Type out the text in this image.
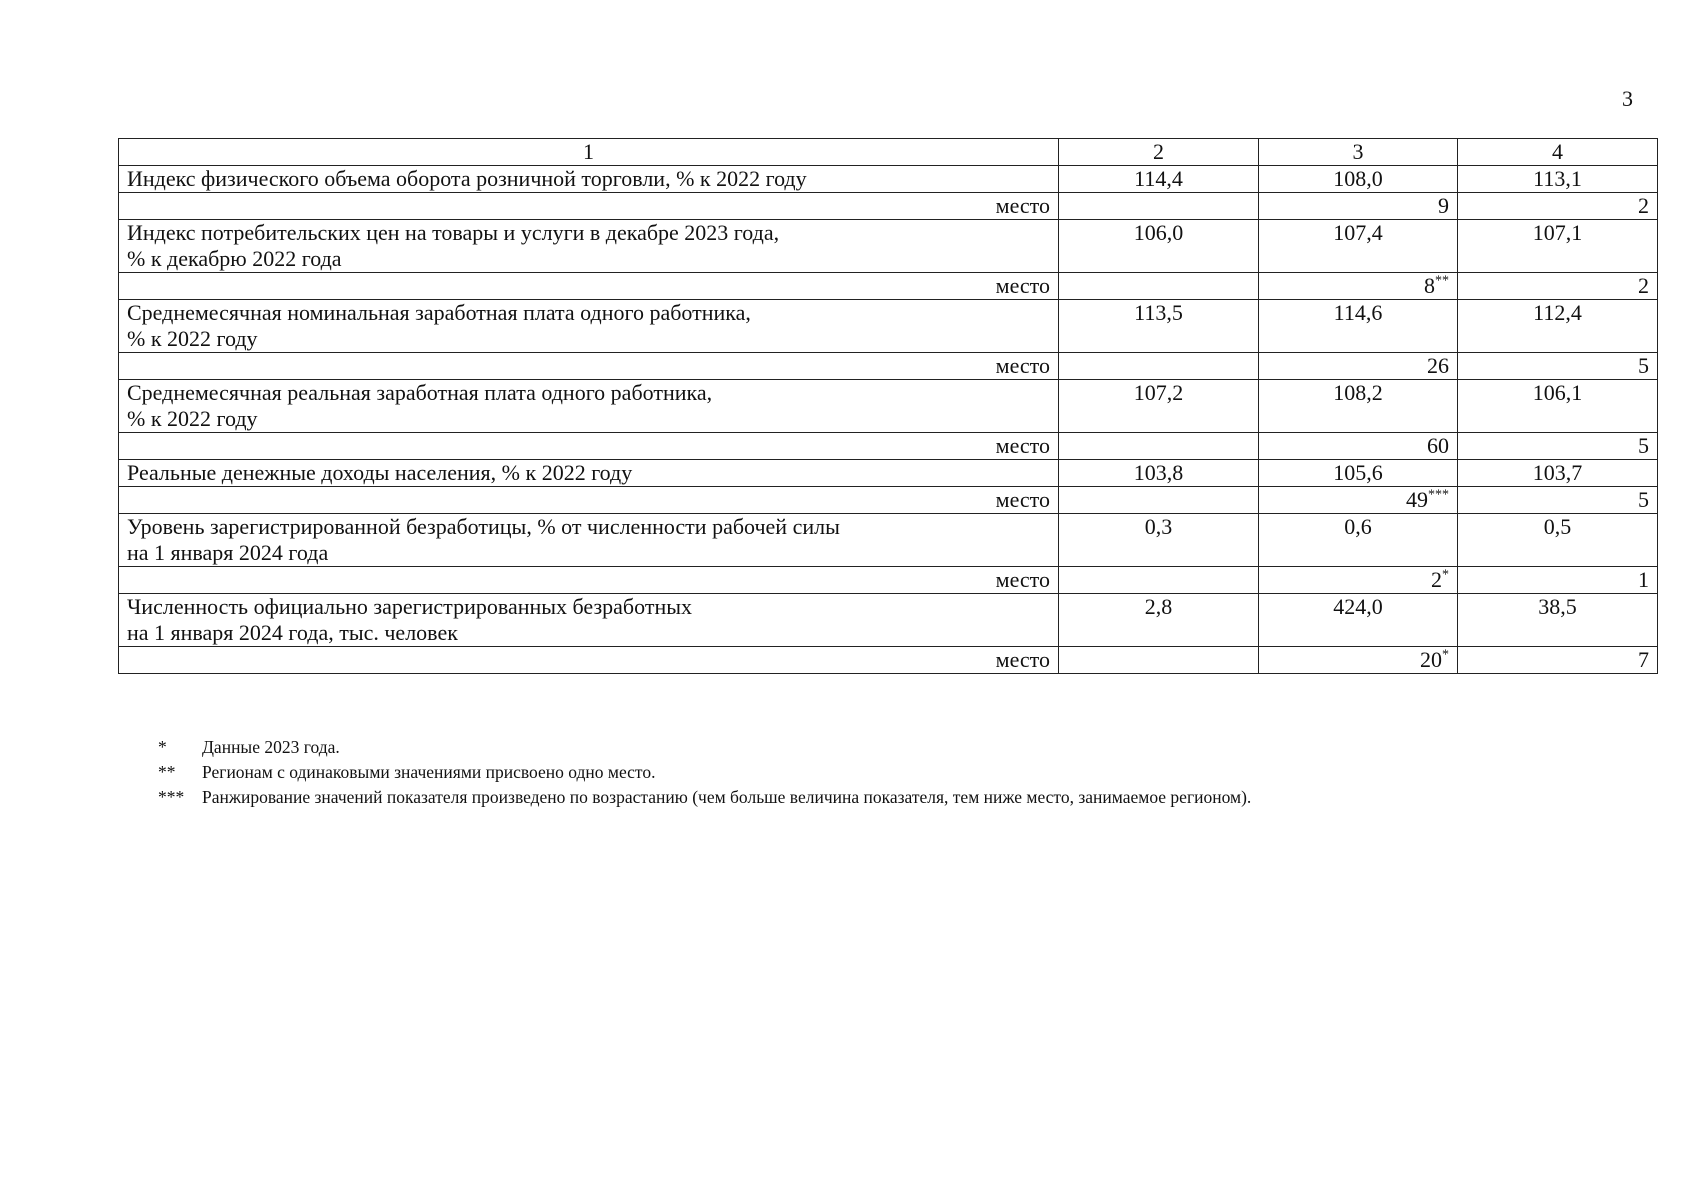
3
1	2	3	4
Индекс физического объема оборота розничной торговли, % к 2022 году	114,4	108,0	113,1
место		9	2
Индекс потребительских цен на товары и услуги в декабре 2023 года,
% к декабрю 2022 года	106,0	107,4	107,1
место		8**	2
Среднемесячная номинальная заработная плата одного работника,
% к 2022 году	113,5	114,6	112,4
место		26	5
Среднемесячная реальная заработная плата одного работника,
% к 2022 году	107,2	108,2	106,1
место		60	5
Реальные денежные доходы населения, % к 2022 году	103,8	105,6	103,7
место		49***	5
Уровень зарегистрированной безработицы, % от численности рабочей силы
на 1 января 2024 года	0,3	0,6	0,5
место		2*	1
Численность официально зарегистрированных безработных
на 1 января 2024 года, тыс. человек	2,8	424,0	38,5
место		20*	7
*	Данные 2023 года.
**	Регионам с одинаковыми значениями присвоено одно место.
***	Ранжирование значений показателя произведено по возрастанию (чем больше величина показателя, тем ниже место, занимаемое регионом).
